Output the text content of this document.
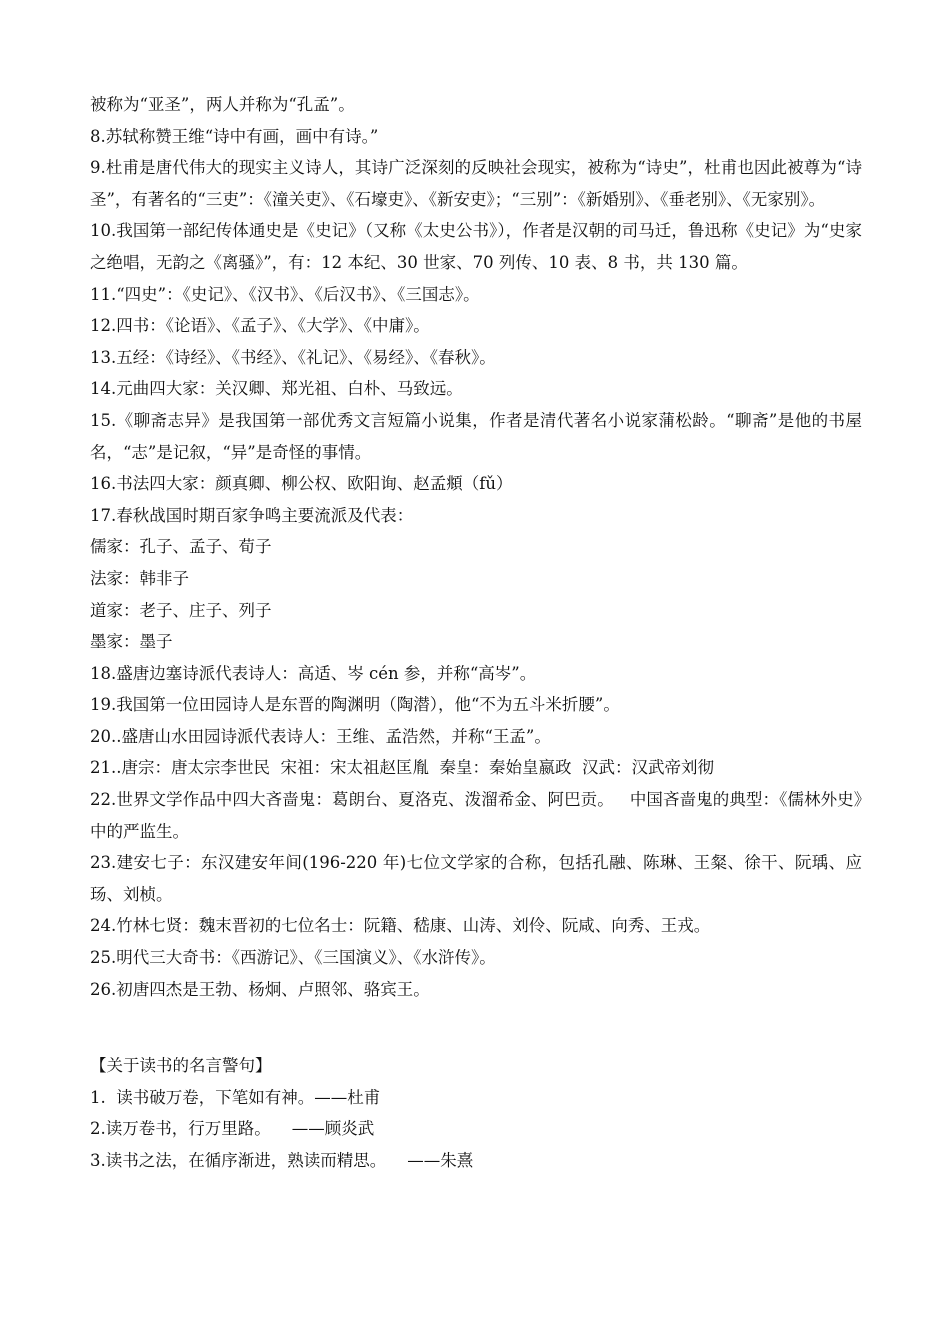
被称为“亚圣”，两人并称为“孔孟”。

8.苏轼称赞王维“诗中有画，画中有诗。”

9.杜甫是唐代伟大的现实主义诗人，其诗广泛深刻的反映社会现实，被称为“诗史”，杜甫也因此被尊为“诗圣”，有著名的“三吏”：《潼关吏》、《石壕吏》、《新安吏》；“三别”：《新婚别》、《垂老别》、《无家别》。

10.我国第一部纪传体通史是《史记》（又称《太史公书》），作者是汉朝的司马迁，鲁迅称《史记》为“史家之绝唱，无韵之《离骚》”，有：12 本纪、30 世家、70 列传、10 表、8 书，共 130 篇。

11.“四史”：《史记》、《汉书》、《后汉书》、《三国志》。

12.四书：《论语》、《孟子》、《大学》、《中庸》。

13.五经：《诗经》、《书经》、《礼记》、《易经》、《春秋》。

14.元曲四大家：关汉卿、郑光祖、白朴、马致远。

15.《聊斋志异》是我国第一部优秀文言短篇小说集，作者是清代著名小说家蒲松龄。“聊斋”是他的书屋名，“志”是记叙，“异”是奇怪的事情。

16.书法四大家：颜真卿、柳公权、欧阳询、赵孟頫（fǔ）

17.春秋战国时期百家争鸣主要流派及代表：

儒家：孔子、孟子、荀子

法家：韩非子

道家：老子、庄子、列子

墨家：墨子

18.盛唐边塞诗派代表诗人：高适、岑 cén 参，并称“高岑”。

19.我国第一位田园诗人是东晋的陶渊明（陶潜），他“不为五斗米折腰”。

20..盛唐山水田园诗派代表诗人：王维、孟浩然，并称“王孟”。

21..唐宗：唐太宗李世民  宋祖：宋太祖赵匡胤  秦皇：秦始皇嬴政  汉武：汉武帝刘彻

22.世界文学作品中四大吝啬鬼：葛朗台、夏洛克、泼溜希金、阿巴贡。   中国吝啬鬼的典型：《儒林外史》中的严监生。

23.建安七子：东汉建安年间(196-220 年)七位文学家的合称，包括孔融、陈琳、王粲、徐干、阮瑀、应玚、刘桢。

24.竹林七贤：魏末晋初的七位名士：阮籍、嵇康、山涛、刘伶、阮咸、向秀、王戎。

25.明代三大奇书：《西游记》、《三国演义》、《水浒传》。

26.初唐四杰是王勃、杨炯、卢照邻、骆宾王。

【关于读书的名言警句】

1.  读书破万卷，下笔如有神。——杜甫

2.读万卷书，行万里路。    ——顾炎武

3.读书之法，在循序渐进，熟读而精思。    ——朱熹
